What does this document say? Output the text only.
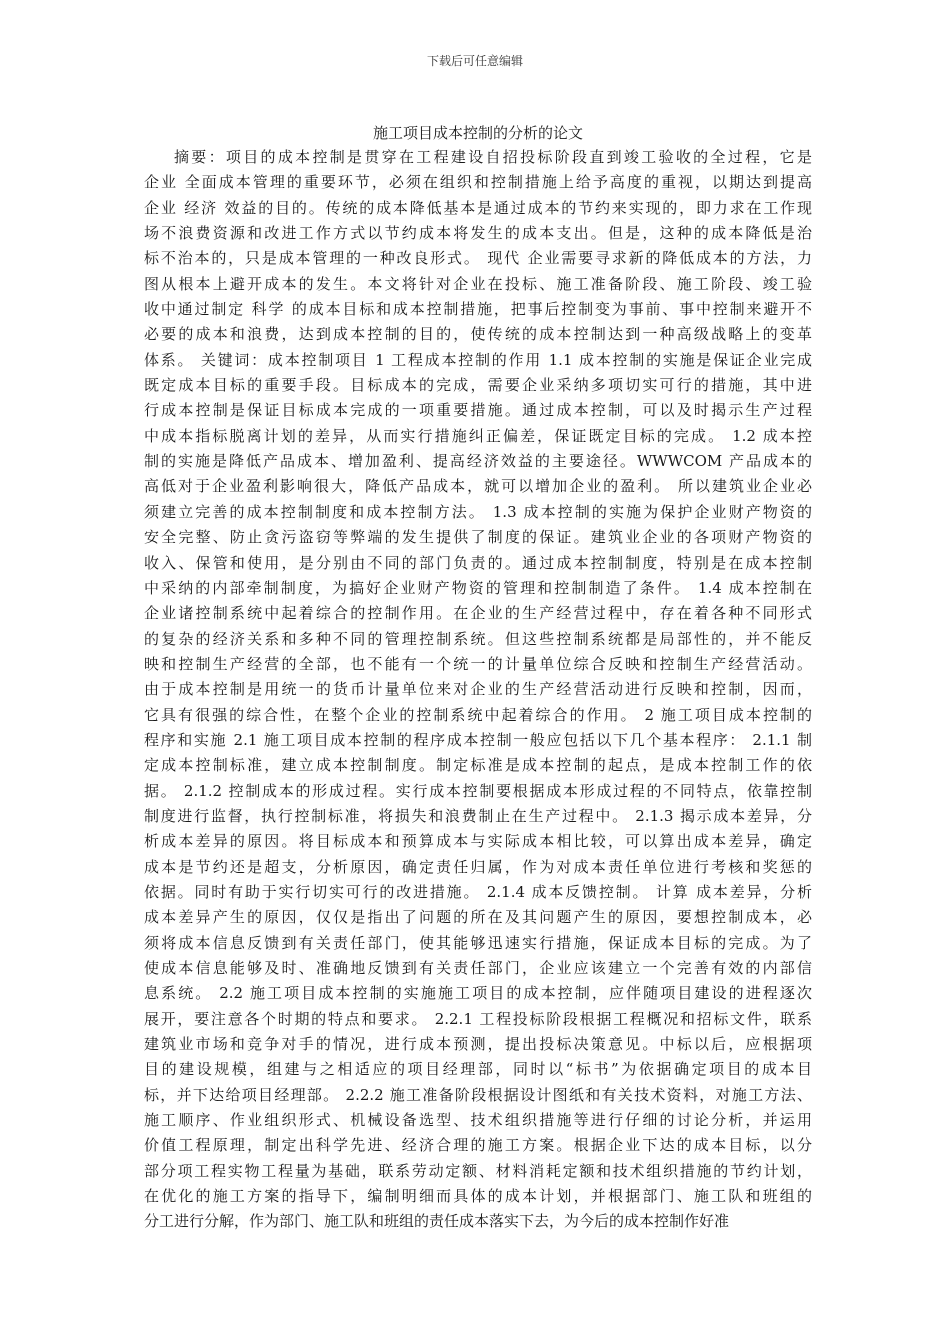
下载后可任意编辑
施工项目成本控制的分析的论文
摘要：项目的成本控制是贯穿在工程建设自招投标阶段直到竣工验收的全过程，它是
企业 全面成本管理的重要环节，必须在组织和控制措施上给予高度的重视，以期达到提高
企业 经济 效益的目的。传统的成本降低基本是通过成本的节约来实现的，即力求在工作现
场不浪费资源和改进工作方式以节约成本将发生的成本支出。但是，这种的成本降低是治
标不治本的，只是成本管理的一种改良形式。 现代 企业需要寻求新的降低成本的方法，力
图从根本上避开成本的发生。本文将针对企业在投标、施工准备阶段、施工阶段、竣工验
收中通过制定 科学 的成本目标和成本控制措施，把事后控制变为事前、事中控制来避开不
必要的成本和浪费，达到成本控制的目的，使传统的成本控制达到一种高级战略上的变革
体系。 关键词：成本控制项目 1 工程成本控制的作用 1.1 成本控制的实施是保证企业完成
既定成本目标的重要手段。目标成本的完成，需要企业采纳多项切实可行的措施，其中进
行成本控制是保证目标成本完成的一项重要措施。通过成本控制，可以及时揭示生产过程
中成本指标脱离计划的差异，从而实行措施纠正偏差，保证既定目标的完成。 1.2 成本控
制的实施是降低产品成本、增加盈利、提高经济效益的主要途径。WWWCOM 产品成本的
高低对于企业盈利影响很大，降低产品成本，就可以增加企业的盈利。 所以建筑业企业必
须建立完善的成本控制制度和成本控制方法。 1.3 成本控制的实施为保护企业财产物资的
安全完整、防止贪污盗窃等弊端的发生提供了制度的保证。建筑业企业的各项财产物资的
收入、保管和使用，是分别由不同的部门负责的。通过成本控制制度，特别是在成本控制
中采纳的内部牵制制度，为搞好企业财产物资的管理和控制制造了条件。 1.4 成本控制在
企业诸控制系统中起着综合的控制作用。在企业的生产经营过程中，存在着各种不同形式
的复杂的经济关系和多种不同的管理控制系统。但这些控制系统都是局部性的，并不能反
映和控制生产经营的全部，也不能有一个统一的计量单位综合反映和控制生产经营活动。
由于成本控制是用统一的货币计量单位来对企业的生产经营活动进行反映和控制，因而，
它具有很强的综合性，在整个企业的控制系统中起着综合的作用。 2 施工项目成本控制的
程序和实施 2.1 施工项目成本控制的程序成本控制一般应包括以下几个基本程序： 2.1.1 制
定成本控制标准，建立成本控制制度。制定标准是成本控制的起点，是成本控制工作的依
据。 2.1.2 控制成本的形成过程。实行成本控制要根据成本形成过程的不同特点，依靠控制
制度进行监督，执行控制标准，将损失和浪费制止在生产过程中。 2.1.3 揭示成本差异，分
析成本差异的原因。将目标成本和预算成本与实际成本相比较，可以算出成本差异，确定
成本是节约还是超支，分析原因，确定责任归属，作为对成本责任单位进行考核和奖惩的
依据。同时有助于实行切实可行的改进措施。 2.1.4 成本反馈控制。 计算 成本差异，分析
成本差异产生的原因，仅仅是指出了问题的所在及其问题产生的原因，要想控制成本，必
须将成本信息反馈到有关责任部门，使其能够迅速实行措施，保证成本目标的完成。为了
使成本信息能够及时、准确地反馈到有关责任部门，企业应该建立一个完善有效的内部信
息系统。 2.2 施工项目成本控制的实施施工项目的成本控制，应伴随项目建设的进程逐次
展开，要注意各个时期的特点和要求。 2.2.1 工程投标阶段根据工程概况和招标文件，联系
建筑业市场和竞争对手的情况，进行成本预测，提出投标决策意见。中标以后，应根据项
目的建设规模，组建与之相适应的项目经理部，同时以“标书”为依据确定项目的成本目
标，并下达给项目经理部。 2.2.2 施工准备阶段根据设计图纸和有关技术资料，对施工方法、
施工顺序、作业组织形式、机械设备选型、技术组织措施等进行仔细的讨论分析，并运用
价值工程原理，制定出科学先进、经济合理的施工方案。根据企业下达的成本目标，以分
部分项工程实物工程量为基础，联系劳动定额、材料消耗定额和技术组织措施的节约计划，
在优化的施工方案的指导下，编制明细而具体的成本计划，并根据部门、施工队和班组的
分工进行分解，作为部门、施工队和班组的责任成本落实下去，为今后的成本控制作好准
